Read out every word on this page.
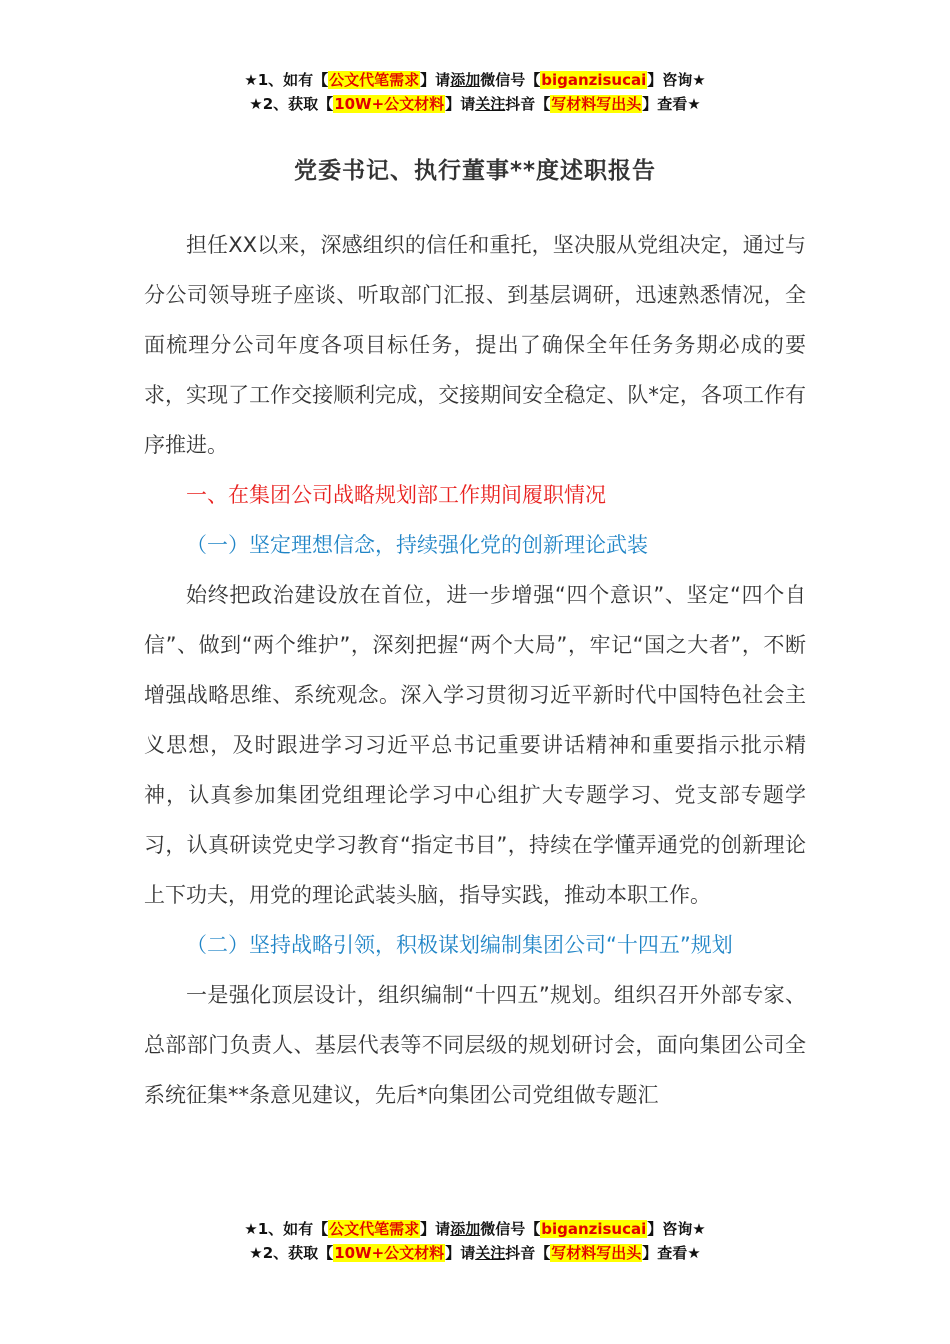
★1、如有【公文代笔需求】请添加微信号【biganzisucai】咨询★
★2、获取【10W+公文材料】请关注抖音【写材料写出头】查看★
党委书记、执行董事**度述职报告

担任XX以来，深感组织的信任和重托，坚决服从党组决定，通过与分公司领导班子座谈、听取部门汇报、到基层调研，迅速熟悉情况，全面梳理分公司年度各项目标任务，提出了确保全年任务务期必成的要求，实现了工作交接顺利完成，交接期间安全稳定、队*定，各项工作有序推进。

一、在集团公司战略规划部工作期间履职情况

（一）坚定理想信念，持续强化党的创新理论武装

始终把政治建设放在首位，进一步增强“四个意识”、坚定“四个自信”、做到“两个维护”，深刻把握“两个大局”，牢记“国之大者”，不断增强战略思维、系统观念。深入学习贯彻习近平新时代中国特色社会主义思想，及时跟进学习习近平总书记重要讲话精神和重要指示批示精神，认真参加集团党组理论学习中心组扩大专题学习、党支部专题学习，认真研读党史学习教育“指定书目”，持续在学懂弄通党的创新理论上下功夫，用党的理论武装头脑，指导实践，推动本职工作。

（二）坚持战略引领，积极谋划编制集团公司“十四五”规划

一是强化顶层设计，组织编制“十四五”规划。组织召开外部专家、总部部门负责人、基层代表等不同层级的规划研讨会，面向集团公司全系统征集**条意见建议，先后*向集团公司党组做专题汇

★1、如有【公文代笔需求】请添加微信号【biganzisucai】咨询★
★2、获取【10W+公文材料】请关注抖音【写材料写出头】查看★
